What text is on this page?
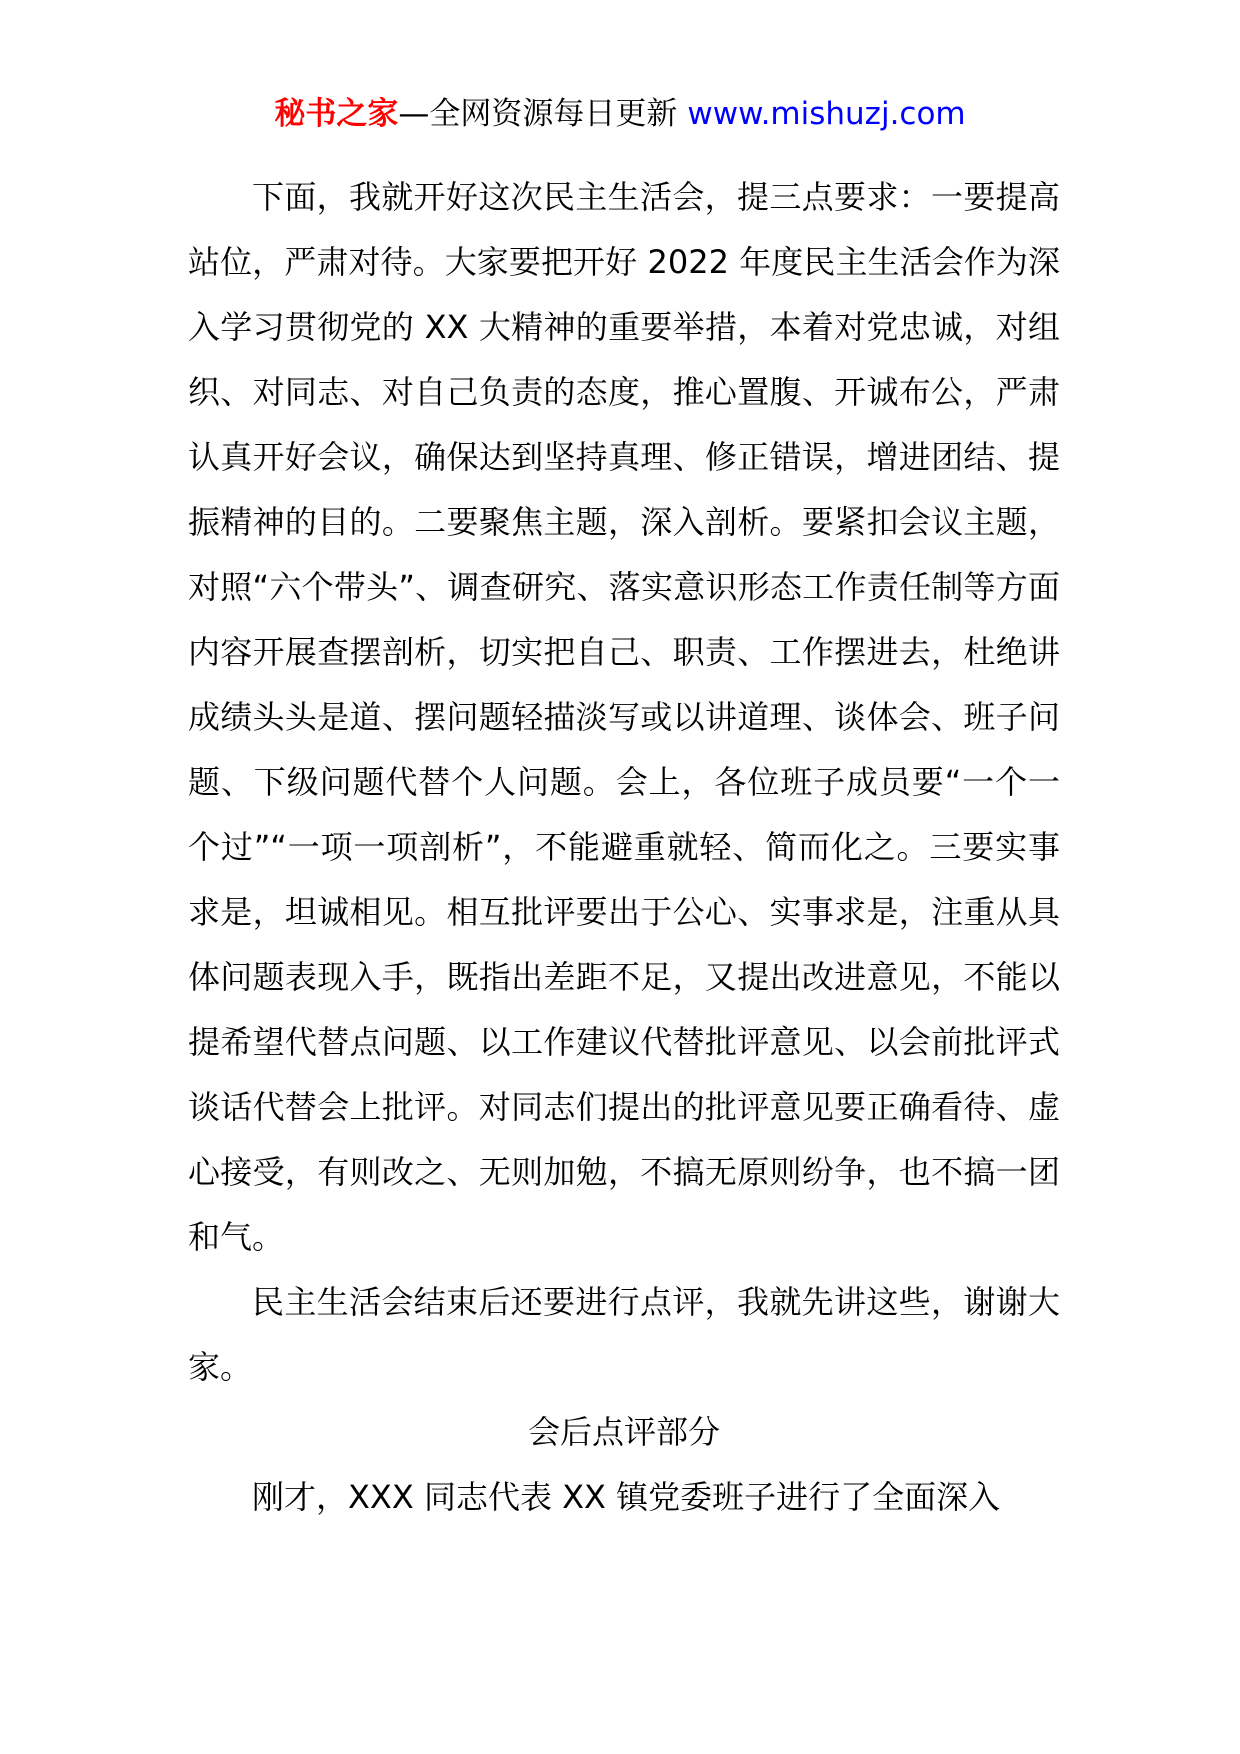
秘书之家—全网资源每日更新 www.mishuzj.com

下面，我就开好这次民主生活会，提三点要求：一要提高站位，严肃对待。大家要把开好 2022 年度民主生活会作为深入学习贯彻党的 XX 大精神的重要举措，本着对党忠诚，对组织、对同志、对自己负责的态度，推心置腹、开诚布公，严肃认真开好会议，确保达到坚持真理、修正错误，增进团结、提振精神的目的。二要聚焦主题，深入剖析。要紧扣会议主题，对照“六个带头”、调查研究、落实意识形态工作责任制等方面内容开展查摆剖析，切实把自己、职责、工作摆进去，杜绝讲成绩头头是道、摆问题轻描淡写或以讲道理、谈体会、班子问题、下级问题代替个人问题。会上，各位班子成员要“一个一个过”“一项一项剖析”，不能避重就轻、简而化之。三要实事求是，坦诚相见。相互批评要出于公心、实事求是，注重从具体问题表现入手，既指出差距不足，又提出改进意见，不能以提希望代替点问题、以工作建议代替批评意见、以会前批评式谈话代替会上批评。对同志们提出的批评意见要正确看待、虚心接受，有则改之、无则加勉，不搞无原则纷争，也不搞一团和气。

民主生活会结束后还要进行点评，我就先讲这些，谢谢大家。

会后点评部分

刚才，XXX 同志代表 XX 镇党委班子进行了全面深入
